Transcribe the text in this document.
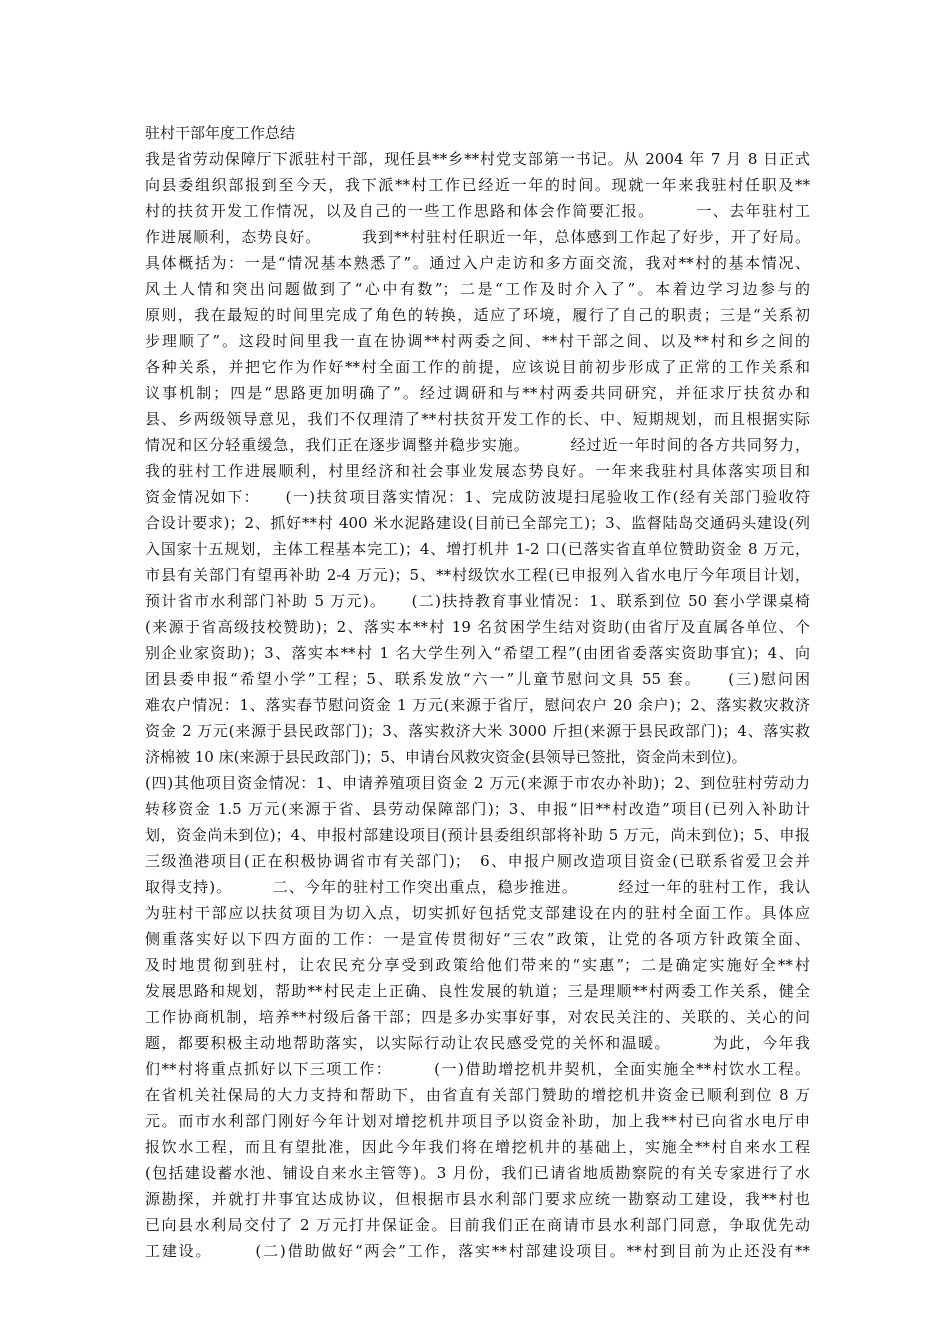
驻村干部年度工作总结
我是省劳动保障厅下派驻村干部，现任县**乡**村党支部第一书记。从 2004 年 7 月 8 日正式
向县委组织部报到至今天，我下派**村工作已经近一年的时间。现就一年来我驻村任职及**
村的扶贫开发工作情况，以及自己的一些工作思路和体会作简要汇报。　　　一、去年驻村工
作进展顺利，态势良好。　　　我到**村驻村任职近一年，总体感到工作起了好步，开了好局。
具体概括为：一是“情况基本熟悉了”。通过入户走访和多方面交流，我对**村的基本情况、
风土人情和突出问题做到了“心中有数”；二是“工作及时介入了”。本着边学习边参与的
原则，我在最短的时间里完成了角色的转换，适应了环境，履行了自己的职责；三是“关系初
步理顺了”。这段时间里我一直在协调**村两委之间、**村干部之间、以及**村和乡之间的
各种关系，并把它作为作好**村全面工作的前提，应该说目前初步形成了正常的工作关系和
议事机制；四是“思路更加明确了”。经过调研和与**村两委共同研究，并征求厅扶贫办和
县、乡两级领导意见，我们不仅理清了**村扶贫开发工作的长、中、短期规划，而且根据实际
情况和区分轻重缓急，我们正在逐步调整并稳步实施。　　　经过近一年时间的各方共同努力，
我的驻村工作进展顺利，村里经济和社会事业发展态势良好。一年来我驻村具体落实项目和
资金情况如下：　　(一)扶贫项目落实情况：1、完成防波堤扫尾验收工作(经有关部门验收符
合设计要求)；2、抓好**村 400 米水泥路建设(目前已全部完工)；3、监督陆岛交通码头建设(列
入国家十五规划，主体工程基本完工)；4、增打机井 1-2 口(已落实省直单位赞助资金 8 万元，
市县有关部门有望再补助 2-4 万元)；5、**村级饮水工程(已申报列入省水电厅今年项目计划，
预计省市水利部门补助 5 万元)。　　(二)扶持教育事业情况：1、联系到位 50 套小学课桌椅
(来源于省高级技校赞助)；2、落实本**村 19 名贫困学生结对资助(由省厅及直属各单位、个
别企业家资助)；3、落实本**村 1 名大学生列入“希望工程”(由团省委落实资助事宜)；4、向
团县委申报“希望小学”工程；5、联系发放“六一”儿童节慰问文具 55 套。　　(三)慰问困
难农户情况：1、落实春节慰问资金 1 万元(来源于省厅，慰问农户 20 余户)；2、落实救灾救济
资金 2 万元(来源于县民政部门)；3、落实救济大米 3000 斤担(来源于县民政部门)；4、落实救
济棉被 10 床(来源于县民政部门)；5、申请台风救灾资金(县领导已签批，资金尚未到位)。
(四)其他项目资金情况：1、申请养殖项目资金 2 万元(来源于市农办补助)；2、到位驻村劳动力
转移资金 1.5 万元(来源于省、县劳动保障部门)；3、申报“旧**村改造”项目(已列入补助计
划，资金尚未到位)；4、申报村部建设项目(预计县委组织部将补助 5 万元，尚未到位)；5、申报
三级渔港项目(正在积极协调省市有关部门)；　6、申报户厕改造项目资金(已联系省爱卫会并
取得支持)。　　　二、今年的驻村工作突出重点，稳步推进。　　　经过一年的驻村工作，我认
为驻村干部应以扶贫项目为切入点，切实抓好包括党支部建设在内的驻村全面工作。具体应
侧重落实好以下四方面的工作：一是宣传贯彻好“三农”政策，让党的各项方针政策全面、
及时地贯彻到驻村，让农民充分享受到政策给他们带来的“实惠”；二是确定实施好全**村
发展思路和规划，帮助**村民走上正确、良性发展的轨道；三是理顺**村两委工作关系，健全
工作协商机制，培养**村级后备干部；四是多办实事好事，对农民关注的、关联的、关心的问
题，都要积极主动地帮助落实，以实际行动让农民感受党的关怀和温暖。　　　为此，今年我
们**村将重点抓好以下三项工作：　　　(一)借助增挖机井契机，全面实施全**村饮水工程。
在省机关社保局的大力支持和帮助下，由省直有关部门赞助的增挖机井资金已顺利到位 8 万
元。而市水利部门刚好今年计划对增挖机井项目予以资金补助，加上我**村已向省水电厅申
报饮水工程，而且有望批准，因此今年我们将在增挖机井的基础上，实施全**村自来水工程
(包括建设蓄水池、铺设自来水主管等)。3 月份，我们已请省地质勘察院的有关专家进行了水
源勘探，并就打井事宜达成协议，但根据市县水利部门要求应统一勘察动工建设，我**村也
已向县水利局交付了 2 万元打井保证金。目前我们正在商请市县水利部门同意，争取优先动
工建设。　　　(二)借助做好“两会”工作，落实**村部建设项目。**村到目前为止还没有**
